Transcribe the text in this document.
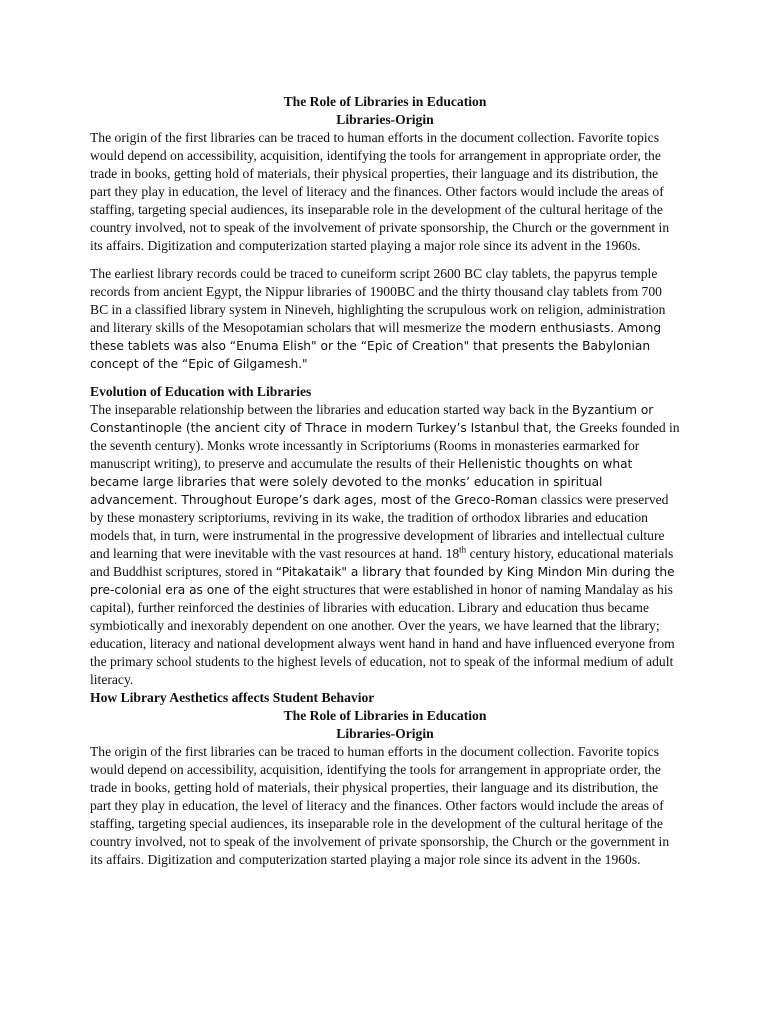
The Role of Libraries in Education

Libraries-Origin

The origin of the first libraries can be traced to human efforts in the document collection. Favorite topics would depend on accessibility, acquisition, identifying the tools for arrangement in appropriate order, the trade in books, getting hold of materials, their physical properties, their language and its distribution, the part they play in education, the level of literacy and the finances. Other factors would include the areas of staffing, targeting special audiences, its inseparable role in the development of the cultural heritage of the country involved, not to speak of the involvement of private sponsorship, the Church or the government in its affairs. Digitization and computerization started playing a major role since its advent in the 1960s.

The earliest library records could be traced to cuneiform script 2600 BC clay tablets, the papyrus temple records from ancient Egypt, the Nippur libraries of 1900BC and the thirty thousand clay tablets from 700 BC in a classified library system in Nineveh, highlighting the scrupulous work on religion, administration and literary skills of the Mesopotamian scholars that will mesmerize the modern enthusiasts. Among these tablets was also “Enuma Elish" or the “Epic of Creation" that presents the Babylonian concept of the “Epic of Gilgamesh."

Evolution of Education with Libraries

The inseparable relationship between the libraries and education started way back in the Byzantium or Constantinople (the ancient city of Thrace in modern Turkey’s Istanbul that, the Greeks founded in the seventh century). Monks wrote incessantly in Scriptoriums (Rooms in monasteries earmarked for manuscript writing), to preserve and accumulate the results of their Hellenistic thoughts on what became large libraries that were solely devoted to the monks’ education in spiritual advancement. Throughout Europe’s dark ages, most of the Greco-Roman classics were preserved by these monastery scriptoriums, reviving in its wake, the tradition of orthodox libraries and education models that, in turn, were instrumental in the progressive development of libraries and intellectual culture and learning that were inevitable with the vast resources at hand. 18th century history, educational materials and Buddhist scriptures, stored in “Pitakataik" a library that founded by King Mindon Min during the pre-colonial era as one of the eight structures that were established in honor of naming Mandalay as his capital), further reinforced the destinies of libraries with education. Library and education thus became symbiotically and inexorably dependent on one another. Over the years, we have learned that the library; education, literacy and national development always went hand in hand and have influenced everyone from the primary school students to the highest levels of education, not to speak of the informal medium of adult literacy.

How Library Aesthetics affects Student Behavior

The Role of Libraries in Education

Libraries-Origin

The origin of the first libraries can be traced to human efforts in the document collection. Favorite topics would depend on accessibility, acquisition, identifying the tools for arrangement in appropriate order, the trade in books, getting hold of materials, their physical properties, their language and its distribution, the part they play in education, the level of literacy and the finances. Other factors would include the areas of staffing, targeting special audiences, its inseparable role in the development of the cultural heritage of the country involved, not to speak of the involvement of private sponsorship, the Church or the government in its affairs. Digitization and computerization started playing a major role since its advent in the 1960s.
